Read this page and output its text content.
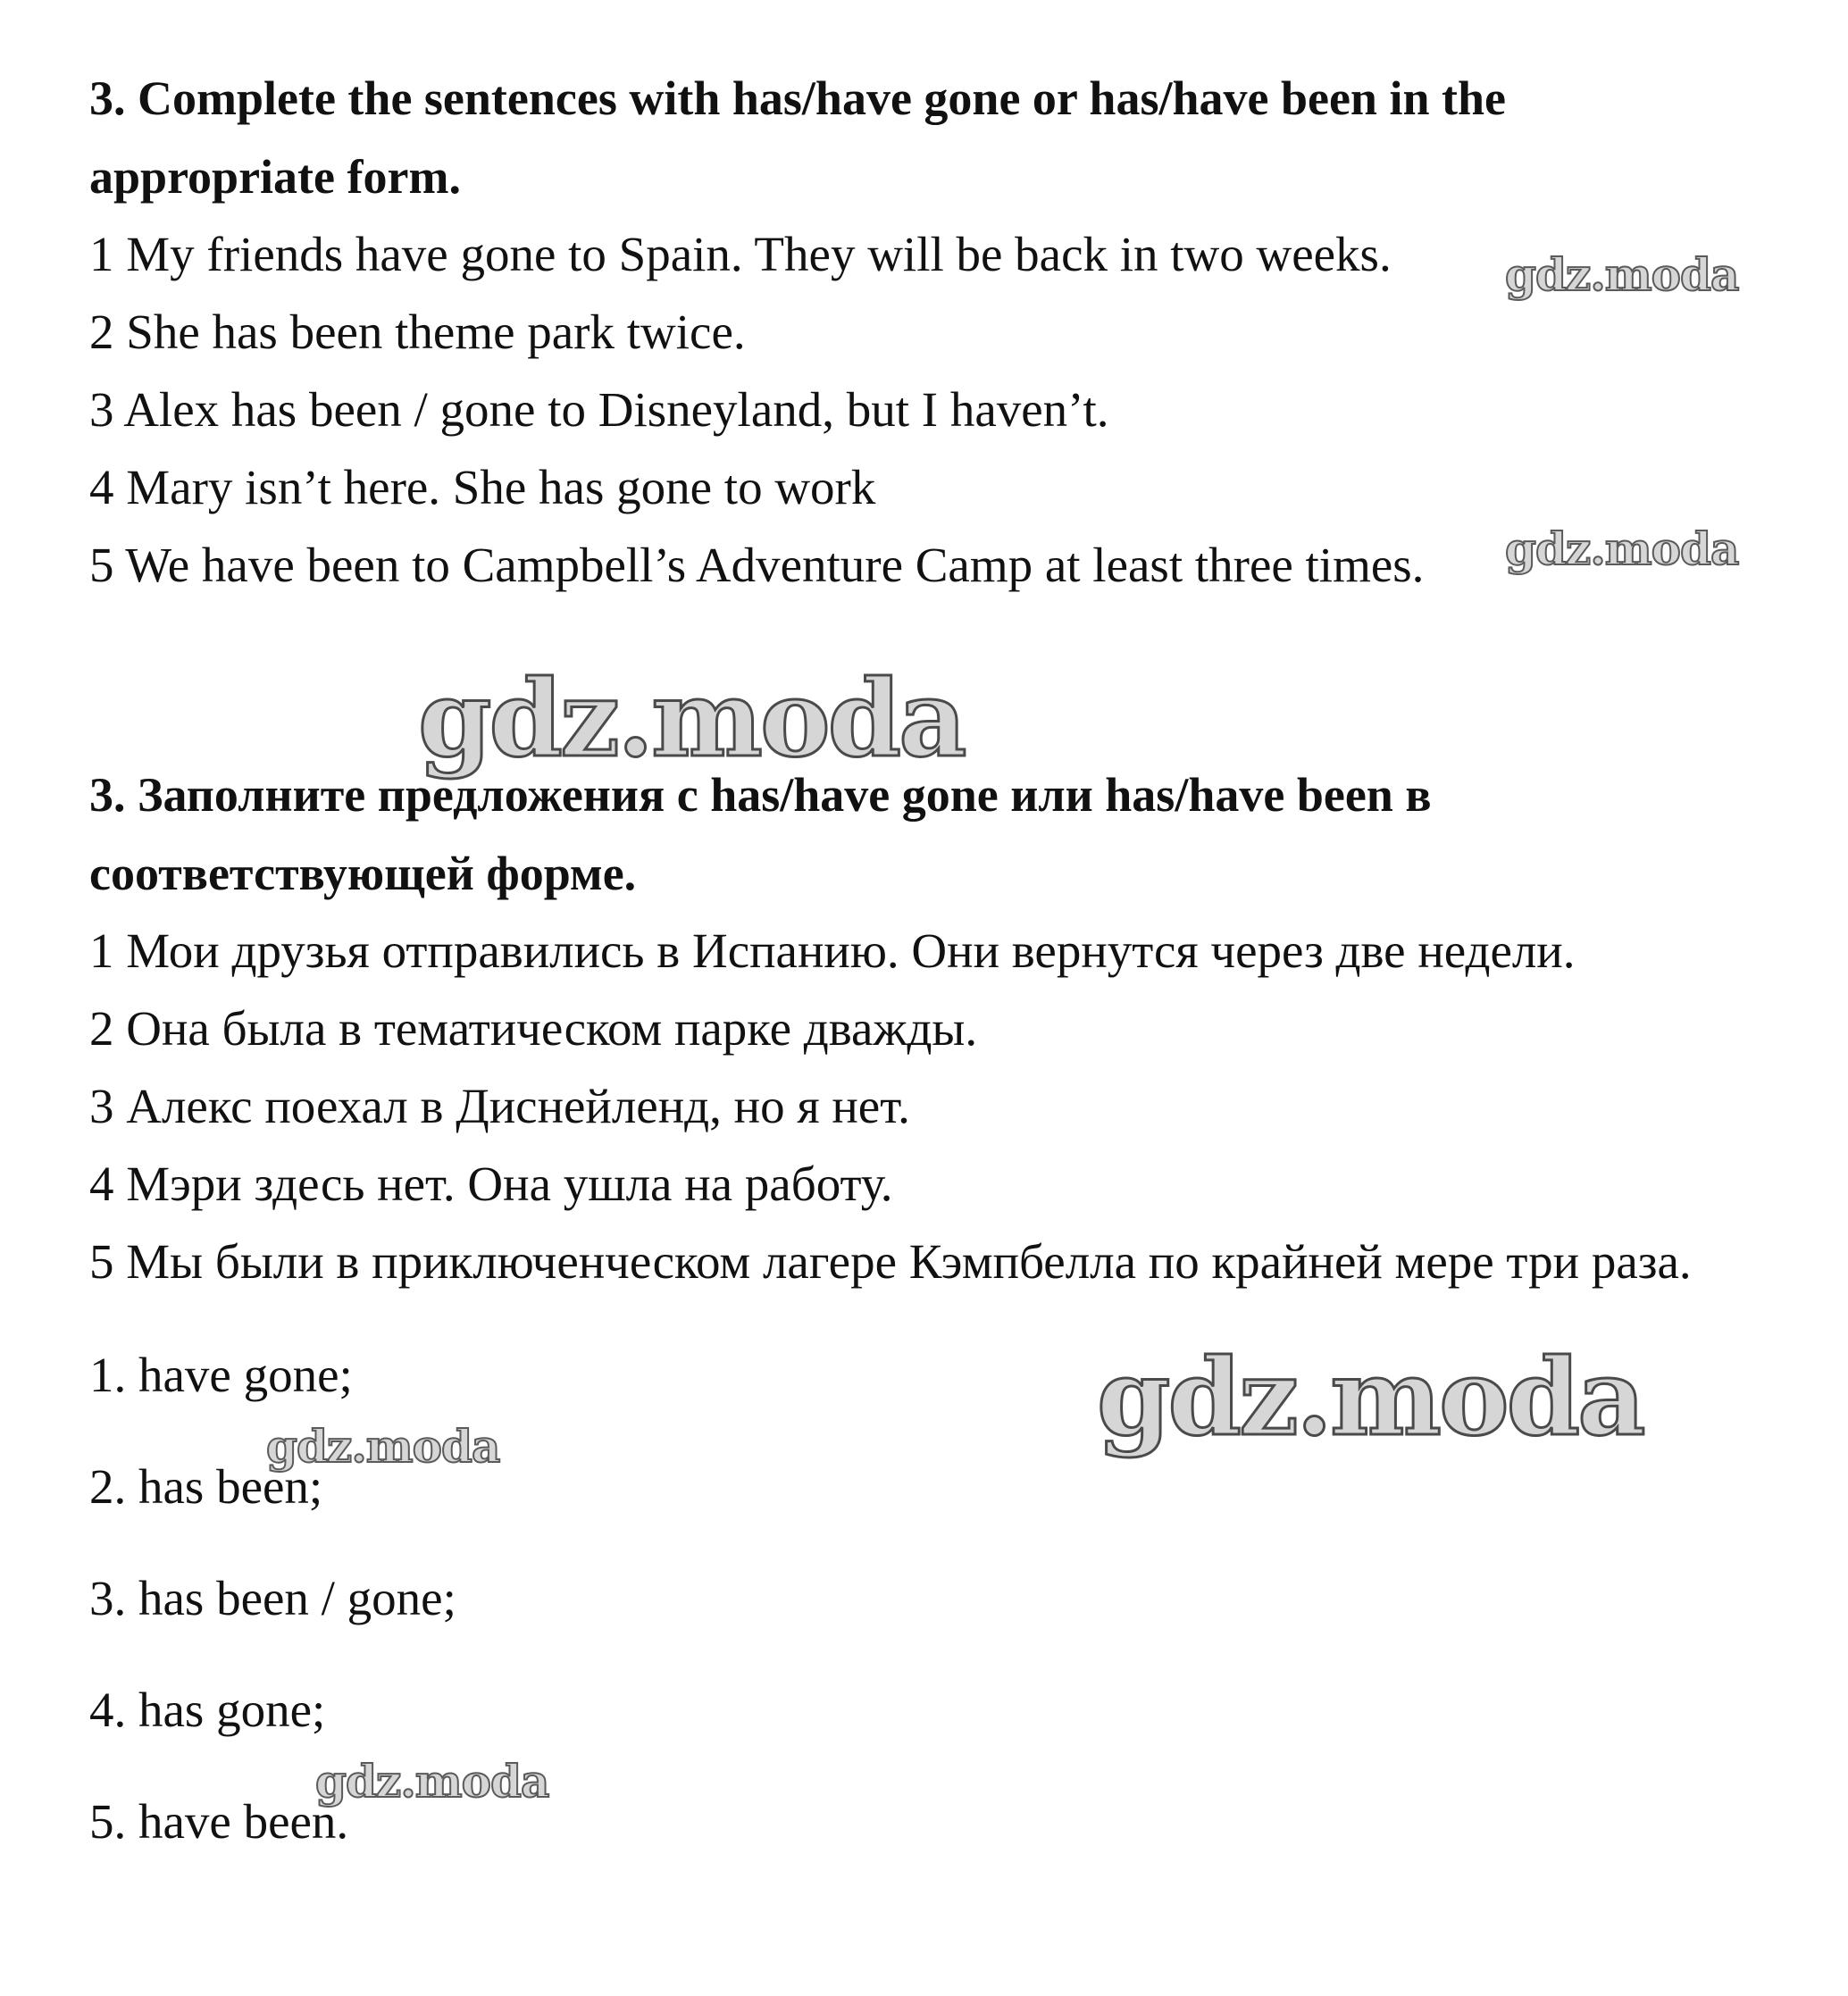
3. Complete the sentences with has/have gone or has/have been in the
appropriate form.
1 My friends have gone to Spain. They will be back in two weeks.
2 She has been theme park twice.
3 Alex has been / gone to Disneyland, but I haven’t.
4 Mary isn’t here. She has gone to work
5 We have been to Campbell’s Adventure Camp at least three times.
3. Заполните предложения с has/have gone или has/have been в
соответствующей форме.
1 Мои друзья отправились в Испанию. Они вернутся через две недели.
2 Она была в тематическом парке дважды.
3 Алекс поехал в Диснейленд, но я нет.
4 Мэри здесь нет. Она ушла на работу.
5 Мы были в приключенческом лагере Кэмпбелла по крайней мере три раза.
1. have gone;
2. has been;
3. has been / gone;
4. has gone;
5. have been.
gdz.moda
gdz.moda
gdz.moda
gdz.moda
gdz.moda
gdz.moda
